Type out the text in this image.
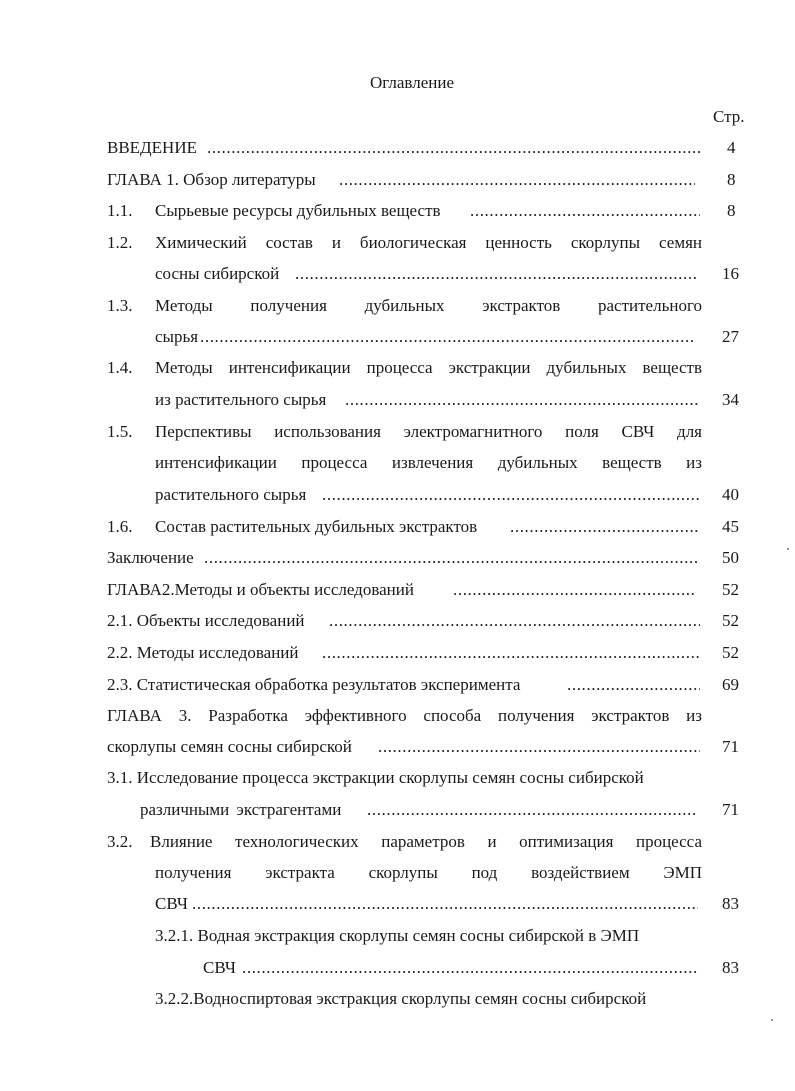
Оглавление
Стр.
ВВЕДЕНИЕ .....	4
ГЛАВА 1. Обзор литературы .....	8
1.1. Сырьевые ресурсы дубильных веществ .....	8
1.2. Химический состав и биологическая ценность скорлупы семян
сосны сибирской .....	16
1.3. Методы получения дубильных экстрактов растительного
сырья .....	27
1.4. Методы интенсификации процесса экстракции дубильных веществ
из растительного сырья .....	34
1.5. Перспективы использования электромагнитного поля СВЧ для
интенсификации процесса извлечения дубильных веществ из
растительного сырья .....	40
1.6. Состав растительных дубильных экстрактов .....	45
Заключение .....	50
ГЛАВА2.Методы и объекты исследований .....	52
2.1. Объекты исследований .....	52
2.2. Методы исследований .....	52
2.3. Статистическая обработка результатов эксперимента .....	69
ГЛАВА 3. Разработка эффективного способа получения экстрактов из
скорлупы семян сосны сибирской .....	71
3.1. Исследование процесса экстракции скорлупы семян сосны сибирской
различными экстрагентами .....	71
3.2. Влияние технологических параметров и оптимизация процесса
получения экстракта скорлупы под воздействием ЭМП
СВЧ .....	83
3.2.1. Водная экстракция скорлупы семян сосны сибирской в ЭМП
СВЧ .....	83
3.2.2.Водноспиртовая экстракция скорлупы семян сосны сибирской
